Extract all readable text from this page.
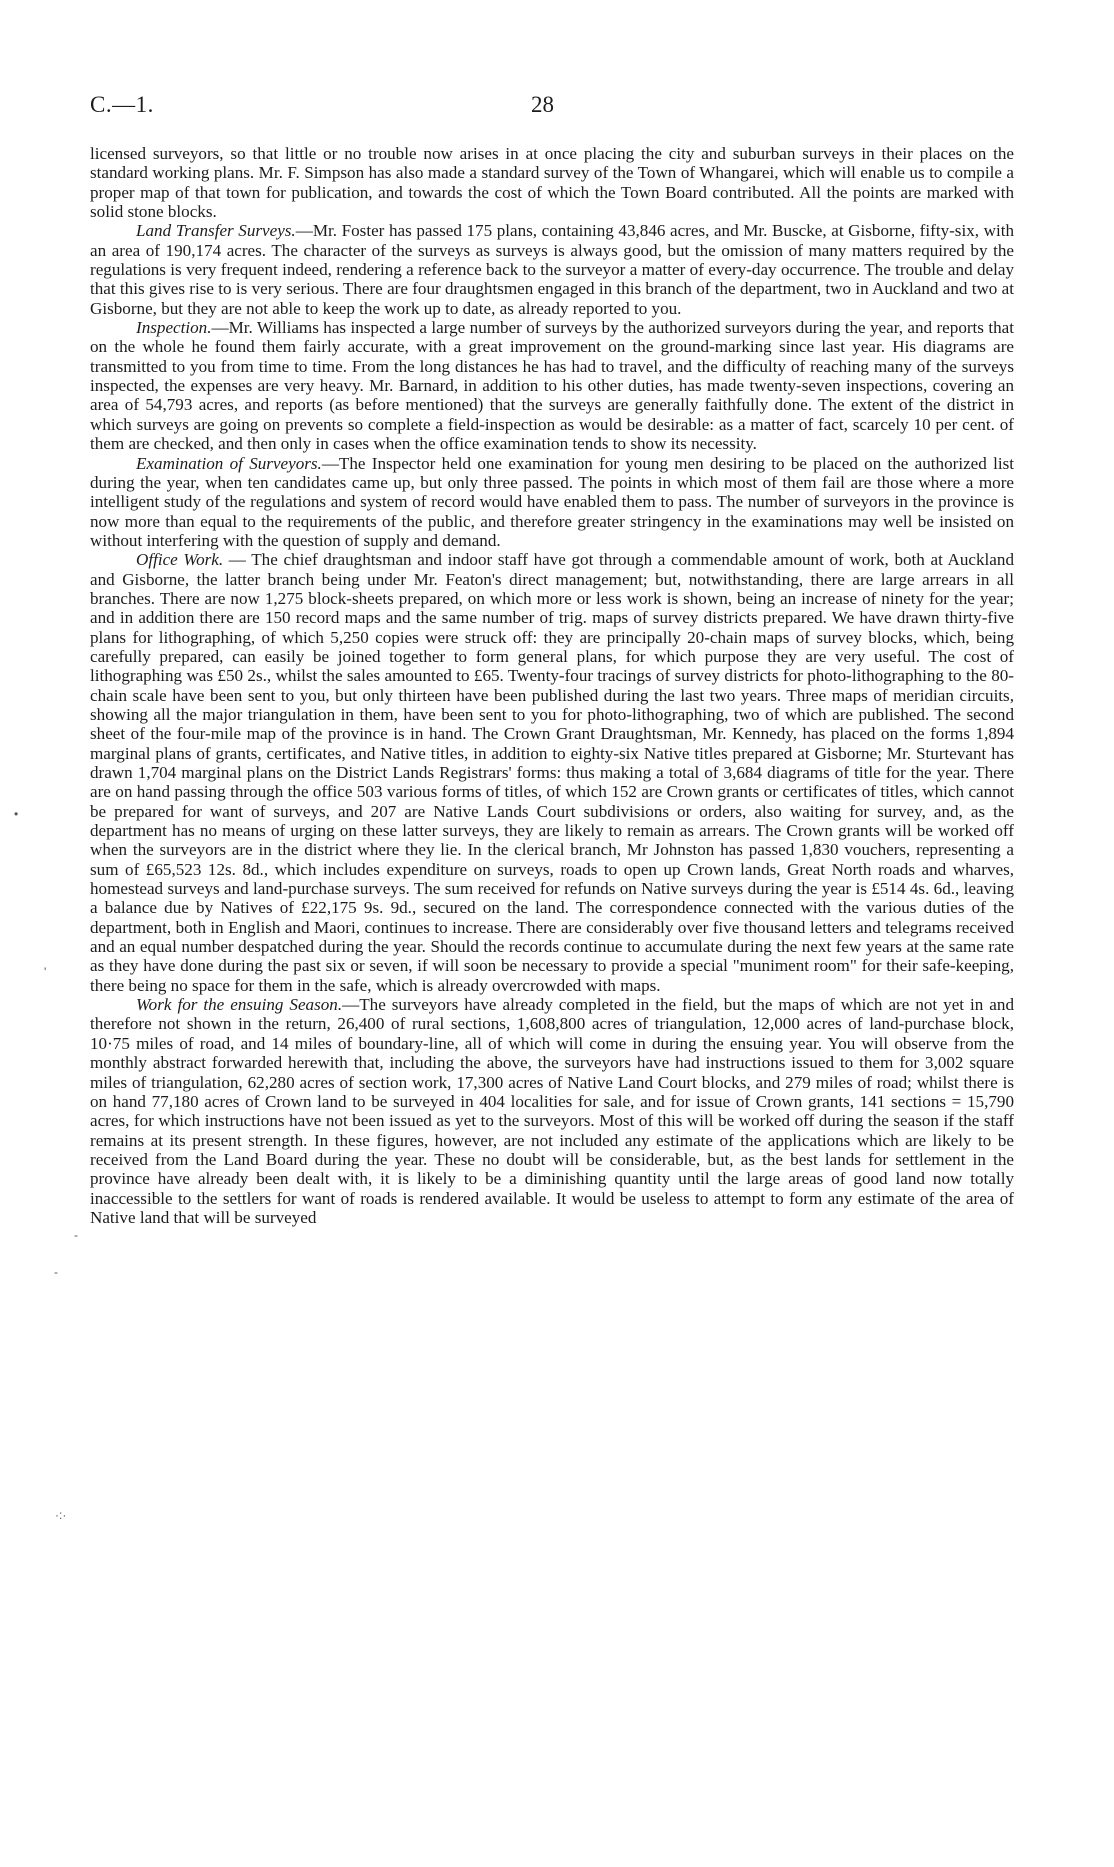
C.—1.	28
•
'
-
-
·:·

licensed surveyors, so that little or no trouble now arises in at once placing the city and suburban surveys in their places on the standard working plans. Mr. F. Simpson has also made a standard survey of the Town of Whangarei, which will enable us to compile a proper map of that town for publication, and towards the cost of which the Town Board contributed. All the points are marked with solid stone blocks.

Land Transfer Surveys.—Mr. Foster has passed 175 plans, containing 43,846 acres, and Mr. Buscke, at Gisborne, fifty-six, with an area of 190,174 acres. The character of the surveys as surveys is always good, but the omission of many matters required by the regulations is very frequent indeed, rendering a reference back to the surveyor a matter of every-day occurrence. The trouble and delay that this gives rise to is very serious. There are four draughtsmen engaged in this branch of the department, two in Auckland and two at Gisborne, but they are not able to keep the work up to date, as already reported to you.

Inspection.—Mr. Williams has inspected a large number of surveys by the authorized surveyors during the year, and reports that on the whole he found them fairly accurate, with a great improvement on the ground-marking since last year. His diagrams are transmitted to you from time to time. From the long distances he has had to travel, and the difficulty of reaching many of the surveys inspected, the expenses are very heavy. Mr. Barnard, in addition to his other duties, has made twenty-seven inspections, covering an area of 54,793 acres, and reports (as before mentioned) that the surveys are generally faithfully done. The extent of the district in which surveys are going on prevents so complete a field-inspection as would be desirable: as a matter of fact, scarcely 10 per cent. of them are checked, and then only in cases when the office examination tends to show its necessity.

Examination of Surveyors.—The Inspector held one examination for young men desiring to be placed on the authorized list during the year, when ten candidates came up, but only three passed. The points in which most of them fail are those where a more intelligent study of the regulations and system of record would have enabled them to pass. The number of surveyors in the province is now more than equal to the requirements of the public, and therefore greater stringency in the examinations may well be insisted on without interfering with the question of supply and demand.

Office Work. — The chief draughtsman and indoor staff have got through a commendable amount of work, both at Auckland and Gisborne, the latter branch being under Mr. Featon's direct management; but, notwithstanding, there are large arrears in all branches. There are now 1,275 block-sheets prepared, on which more or less work is shown, being an increase of ninety for the year; and in addition there are 150 record maps and the same number of trig. maps of survey districts prepared. We have drawn thirty-five plans for lithographing, of which 5,250 copies were struck off: they are principally 20-chain maps of survey blocks, which, being carefully prepared, can easily be joined together to form general plans, for which purpose they are very useful. The cost of lithographing was £50 2s., whilst the sales amounted to £65. Twenty-four tracings of survey districts for photo-lithographing to the 80-chain scale have been sent to you, but only thirteen have been published during the last two years. Three maps of meridian circuits, showing all the major triangulation in them, have been sent to you for photo-lithographing, two of which are published. The second sheet of the four-mile map of the province is in hand. The Crown Grant Draughtsman, Mr. Kennedy, has placed on the forms 1,894 marginal plans of grants, certificates, and Native titles, in addition to eighty-six Native titles prepared at Gisborne; Mr. Sturtevant has drawn 1,704 marginal plans on the District Lands Registrars' forms: thus making a total of 3,684 diagrams of title for the year. There are on hand passing through the office 503 various forms of titles, of which 152 are Crown grants or certificates of titles, which cannot be prepared for want of surveys, and 207 are Native Lands Court subdivisions or orders, also waiting for survey, and, as the department has no means of urging on these latter surveys, they are likely to remain as arrears. The Crown grants will be worked off when the surveyors are in the district where they lie. In the clerical branch, Mr Johnston has passed 1,830 vouchers, representing a sum of £65,523 12s. 8d., which includes expenditure on surveys, roads to open up Crown lands, Great North roads and wharves, homestead surveys and land-purchase surveys. The sum received for refunds on Native surveys during the year is £514 4s. 6d., leaving a balance due by Natives of £22,175 9s. 9d., secured on the land. The correspondence connected with the various duties of the department, both in English and Maori, continues to increase. There are considerably over five thousand letters and telegrams received and an equal number despatched during the year. Should the records continue to accumulate during the next few years at the same rate as they have done during the past six or seven, if will soon be necessary to provide a special "muniment room" for their safe-keeping, there being no space for them in the safe, which is already overcrowded with maps.

Work for the ensuing Season.—The surveyors have already completed in the field, but the maps of which are not yet in and therefore not shown in the return, 26,400 of rural sections, 1,608,800 acres of triangulation, 12,000 acres of land-purchase block, 10·75 miles of road, and 14 miles of boundary-line, all of which will come in during the ensuing year. You will observe from the monthly abstract forwarded herewith that, including the above, the surveyors have had instructions issued to them for 3,002 square miles of triangulation, 62,280 acres of section work, 17,300 acres of Native Land Court blocks, and 279 miles of road; whilst there is on hand 77,180 acres of Crown land to be surveyed in 404 localities for sale, and for issue of Crown grants, 141 sections = 15,790 acres, for which instructions have not been issued as yet to the surveyors. Most of this will be worked off during the season if the staff remains at its present strength. In these figures, however, are not included any estimate of the applications which are likely to be received from the Land Board during the year. These no doubt will be considerable, but, as the best lands for settlement in the province have already been dealt with, it is likely to be a diminishing quantity until the large areas of good land now totally inaccessible to the settlers for want of roads is rendered available. It would be useless to attempt to form any estimate of the area of Native land that will be surveyed
